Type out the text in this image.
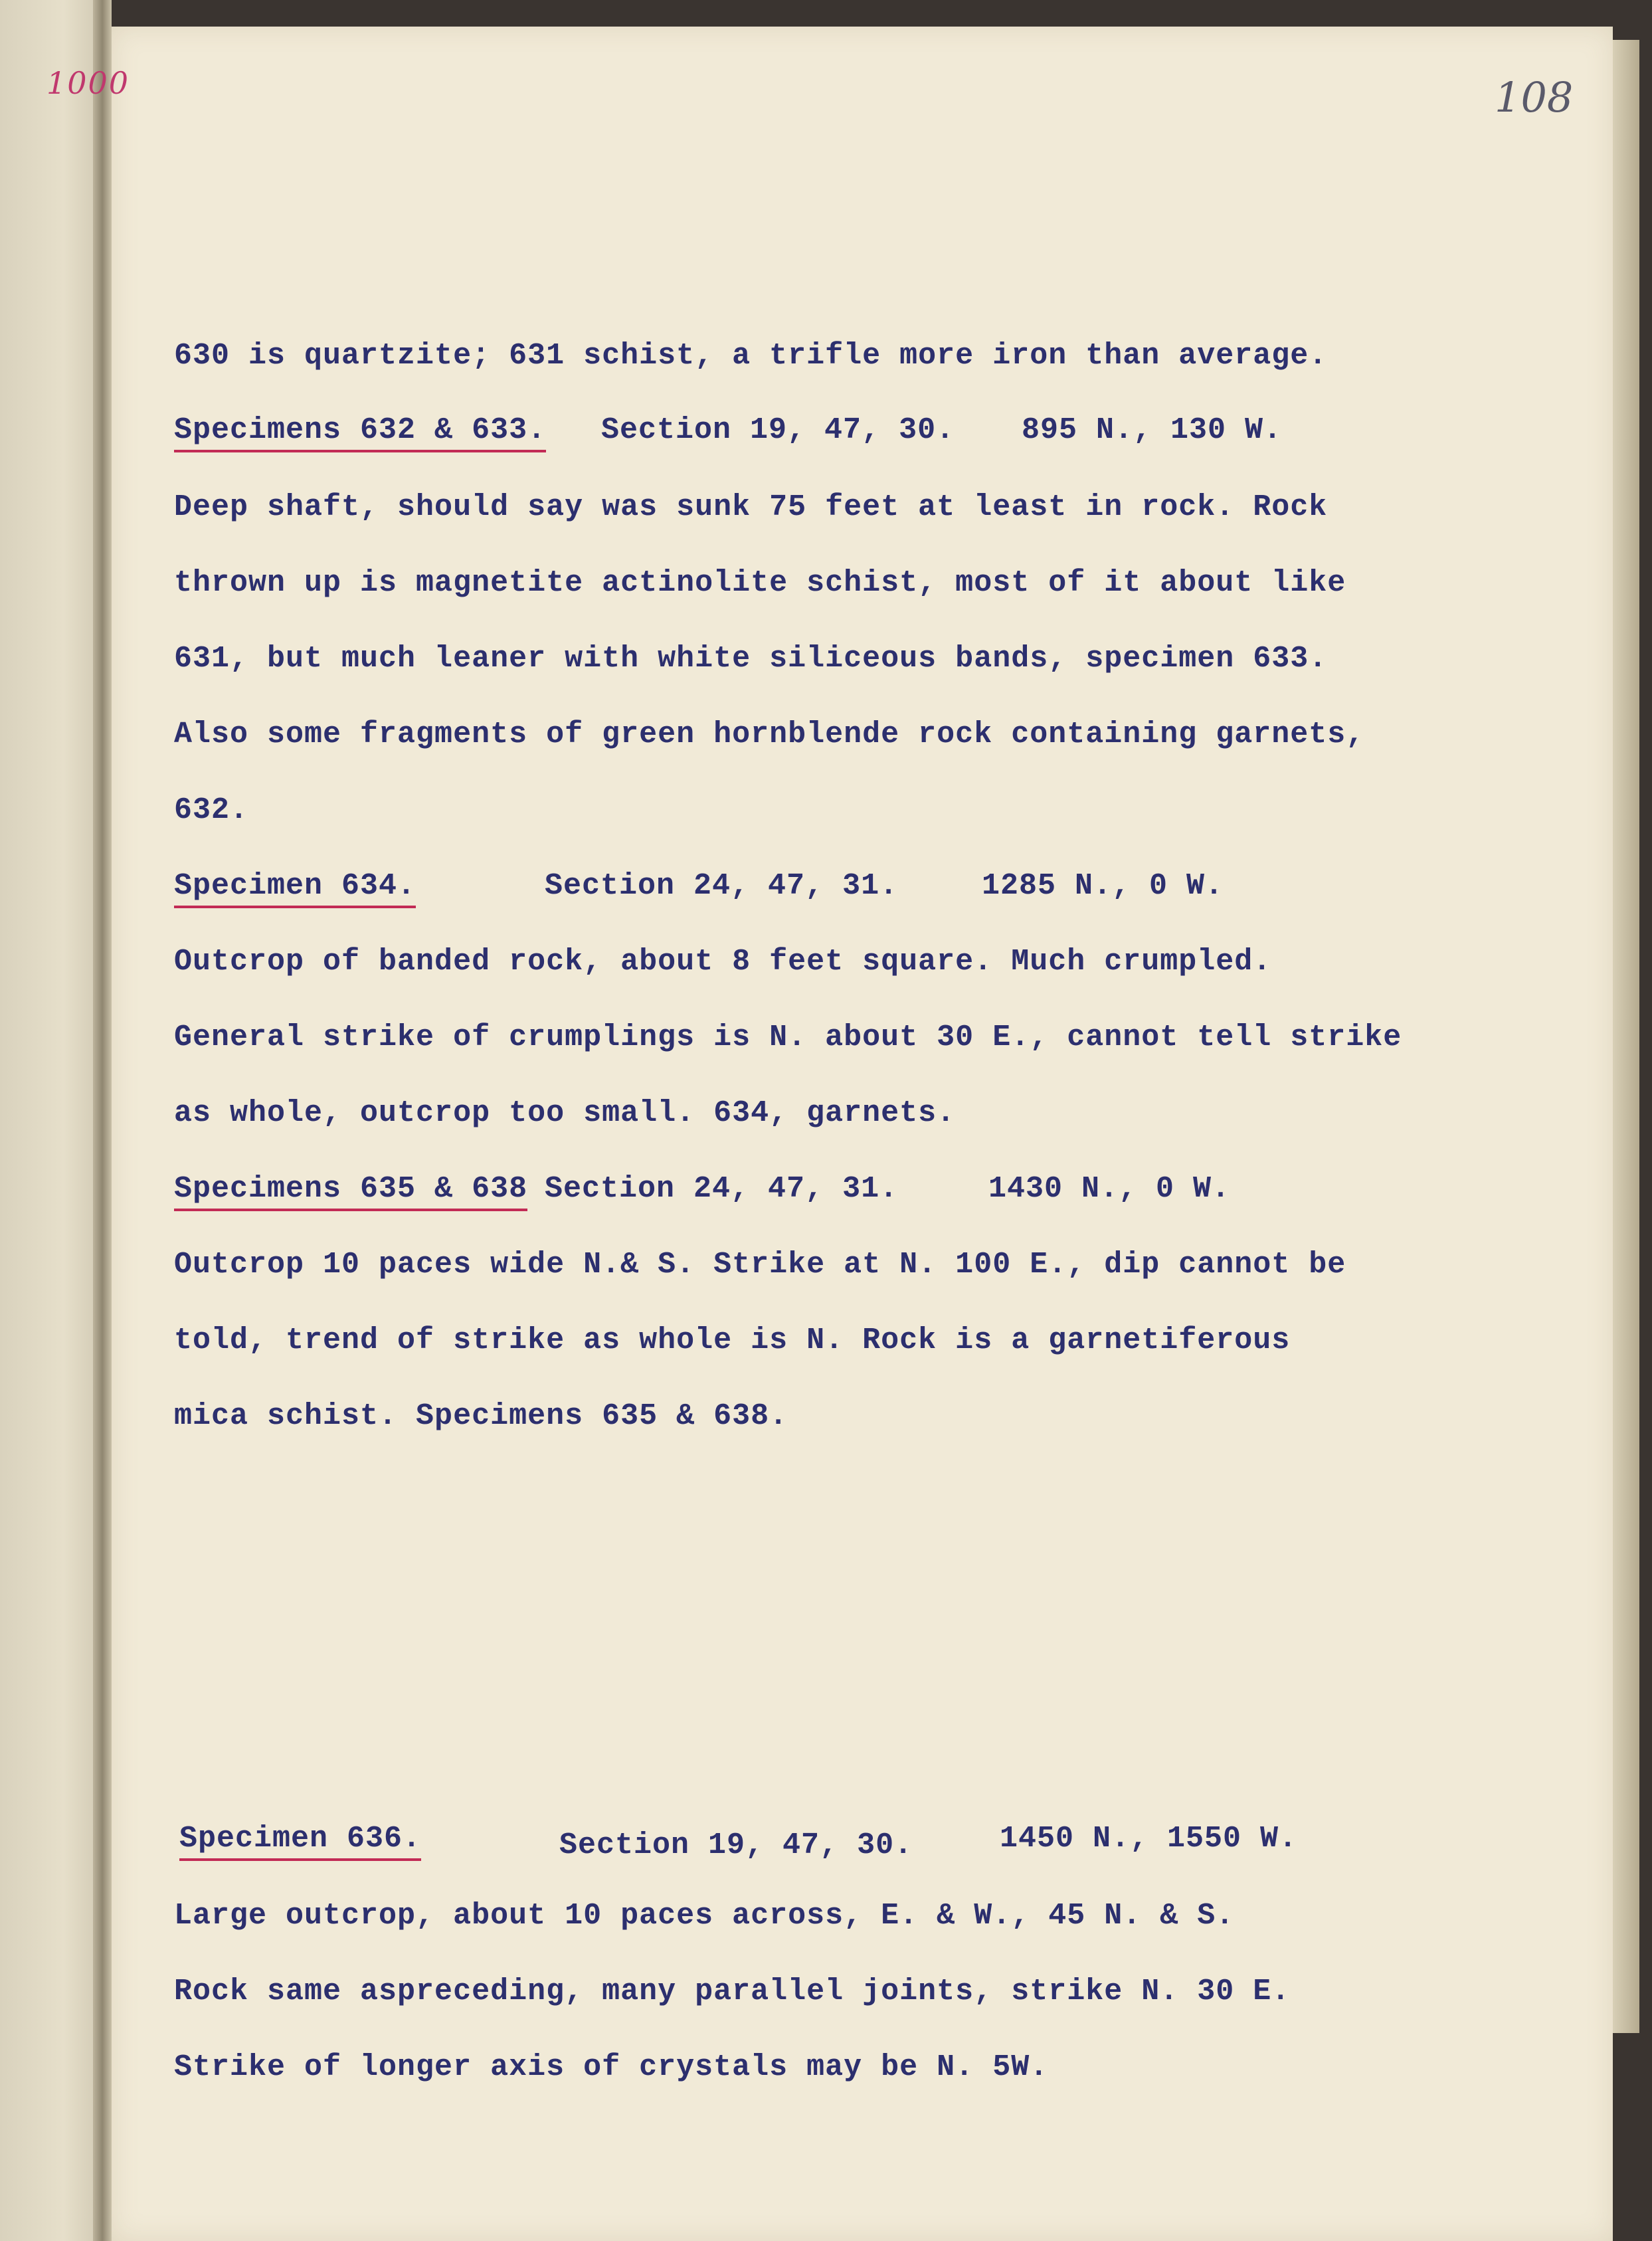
1000	108
630 is quartzite; 631 schist, a trifle more iron than average.
Specimens 632 & 633. Section 19, 47, 30. 895 N., 130 W.
Deep shaft, should say was sunk 75 feet at least in rock. Rock
thrown up is magnetite actinolite schist, most of it about like
631, but much leaner with white siliceous bands, specimen 633.
Also some fragments of green hornblende rock containing garnets,
632.
Specimen 634.	Section 24, 47, 31.	1285 N., 0 W.
Outcrop of banded rock, about 8 feet square. Much crumpled.
General strike of crumplings is N. about 30 E., cannot tell strike
as whole, outcrop too small. 634, garnets.
Specimens 635 & 638 Section 24, 47, 31.	1430 N., 0 W.
Outcrop 10 paces wide N.& S. Strike at N. 100 E., dip cannot be
told, trend of strike as whole is N. Rock is a garnetiferous
mica schist. Specimens 635 & 638.
Specimen 636.	Section 19, 47, 30.	1450 N., 1550 W.
Large outcrop, about 10 paces across, E. & W., 45 N. & S.
Rock same aspreceding, many parallel joints, strike N. 30 E.
Strike of longer axis of crystals may be N. 5W.
